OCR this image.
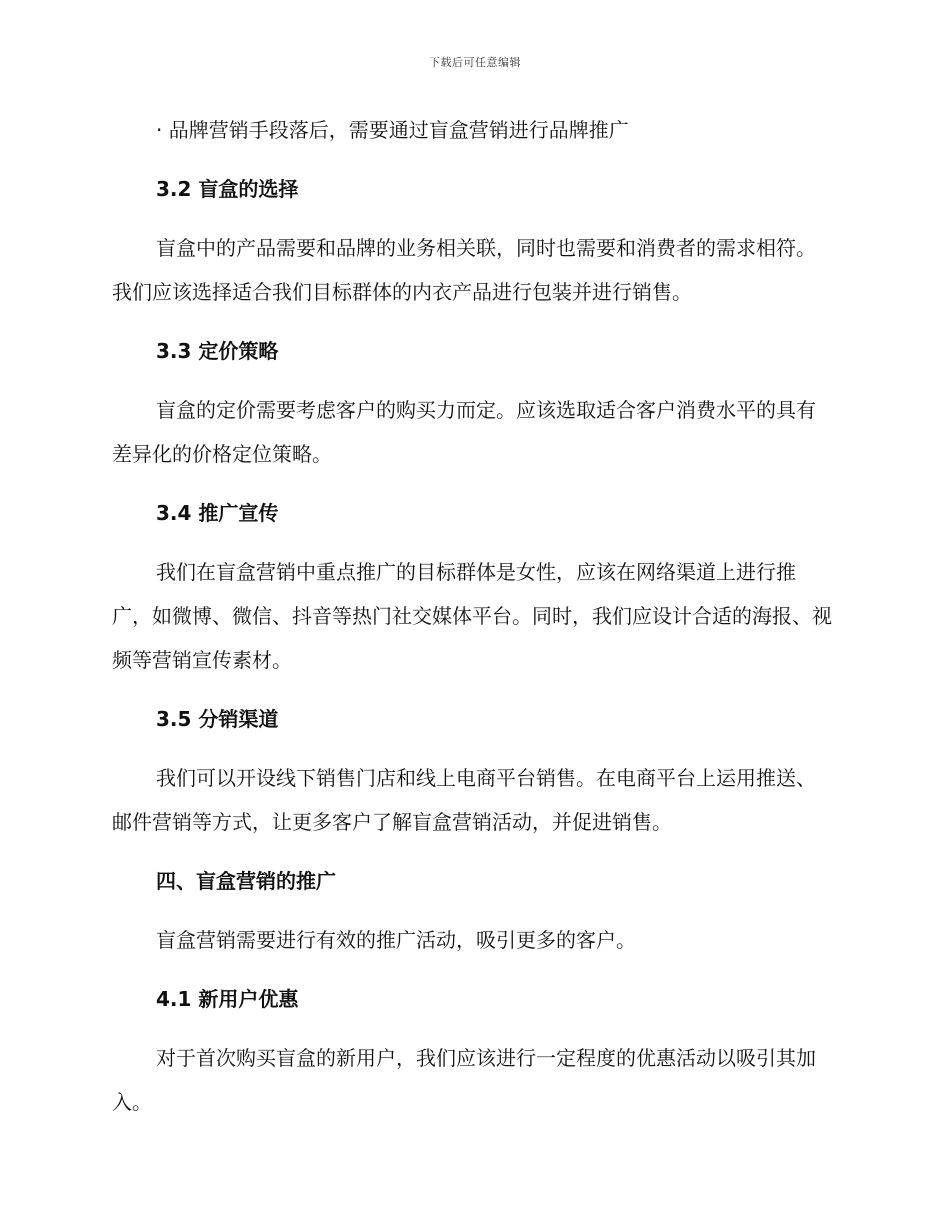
下载后可任意编辑

· 品牌营销手段落后，需要通过盲盒营销进行品牌推广

3.2 盲盒的选择

盲盒中的产品需要和品牌的业务相关联，同时也需要和消费者的需求相符。我们应该选择适合我们目标群体的内衣产品进行包装并进行销售。

3.3 定价策略

盲盒的定价需要考虑客户的购买力而定。应该选取适合客户消费水平的具有差异化的价格定位策略。

3.4 推广宣传

我们在盲盒营销中重点推广的目标群体是女性，应该在网络渠道上进行推广，如微博、微信、抖音等热门社交媒体平台。同时，我们应设计合适的海报、视频等营销宣传素材。

3.5 分销渠道

我们可以开设线下销售门店和线上电商平台销售。在电商平台上运用推送、邮件营销等方式，让更多客户了解盲盒营销活动，并促进销售。

四、盲盒营销的推广

盲盒营销需要进行有效的推广活动，吸引更多的客户。

4.1 新用户优惠

对于首次购买盲盒的新用户，我们应该进行一定程度的优惠活动以吸引其加入。
